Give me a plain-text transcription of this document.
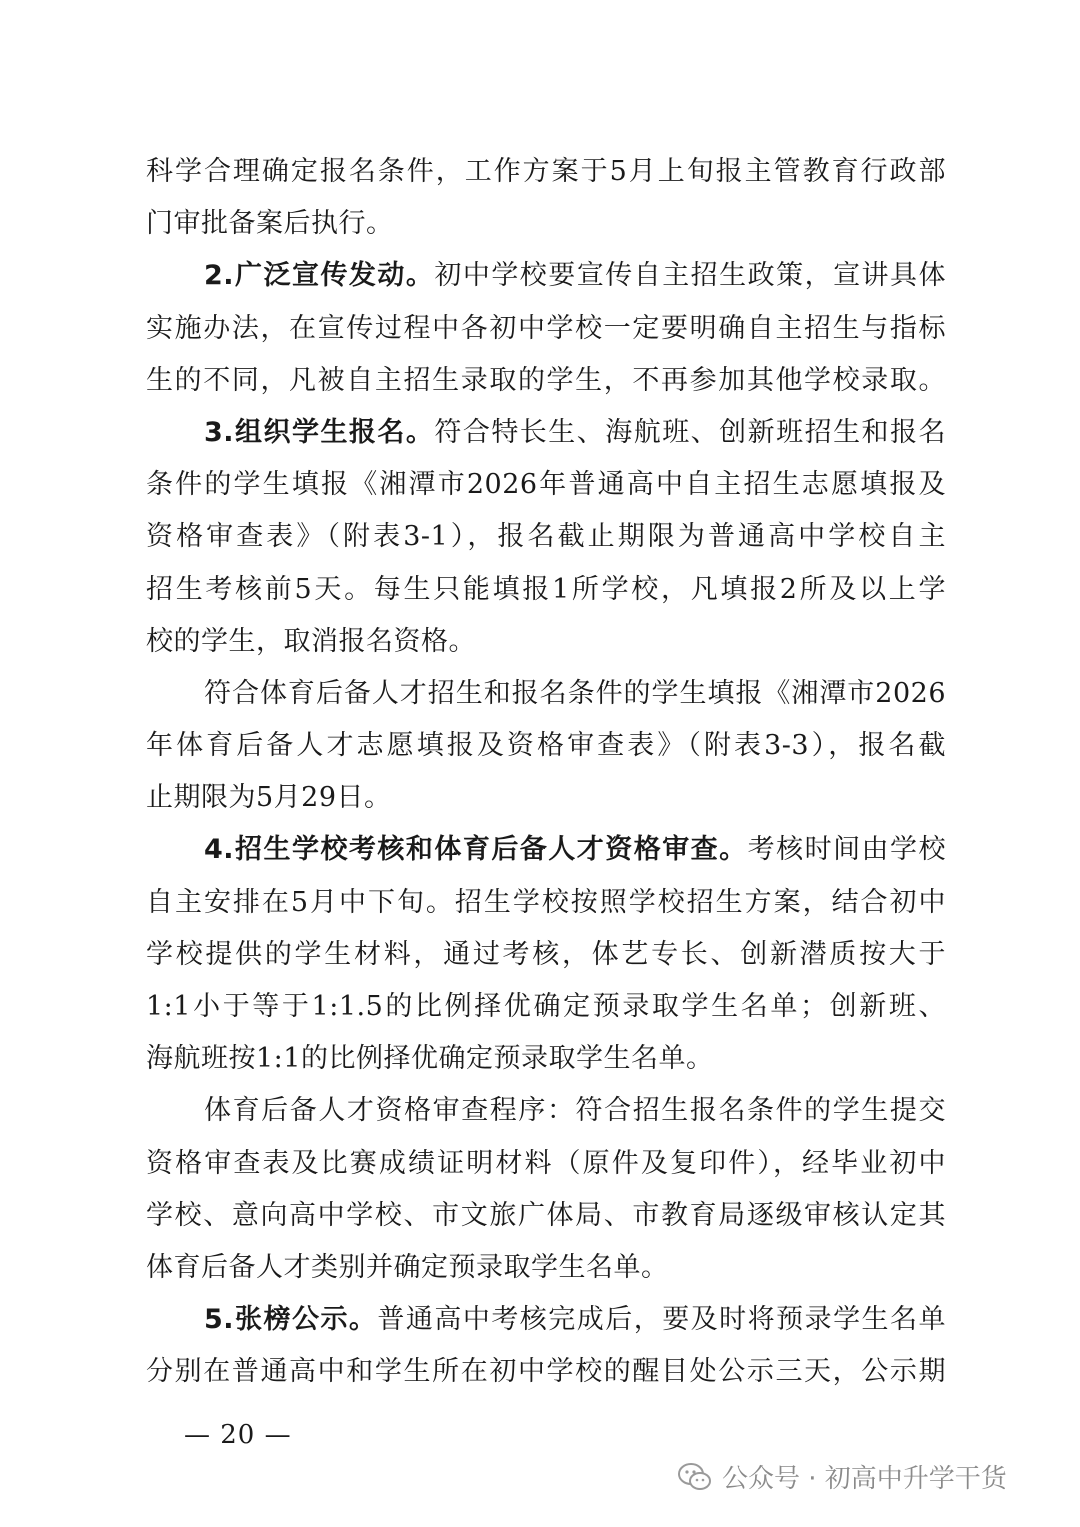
科学合理确定报名条件，工作方案于5月上旬报主管教育行政部
门审批备案后执行。
2.广泛宣传发动。初中学校要宣传自主招生政策，宣讲具体
实施办法，在宣传过程中各初中学校一定要明确自主招生与指标
生的不同，凡被自主招生录取的学生，不再参加其他学校录取。
3.组织学生报名。符合特长生、海航班、创新班招生和报名
条件的学生填报《湘潭市2026年普通高中自主招生志愿填报及
资格审查表》（附表3-1），报名截止期限为普通高中学校自主
招生考核前5天。每生只能填报1所学校，凡填报2所及以上学
校的学生，取消报名资格。
符合体育后备人才招生和报名条件的学生填报《湘潭市2026
年体育后备人才志愿填报及资格审查表》（附表3-3），报名截
止期限为5月29日。
4.招生学校考核和体育后备人才资格审查。考核时间由学校
自主安排在5月中下旬。招生学校按照学校招生方案，结合初中
学校提供的学生材料，通过考核，体艺专长、创新潜质按大于
1:1小于等于1:1.5的比例择优确定预录取学生名单；创新班、
海航班按1:1的比例择优确定预录取学生名单。
体育后备人才资格审查程序：符合招生报名条件的学生提交
资格审查表及比赛成绩证明材料（原件及复印件），经毕业初中
学校、意向高中学校、市文旅广体局、市教育局逐级审核认定其
体育后备人才类别并确定预录取学生名单。
5.张榜公示。普通高中考核完成后，要及时将预录学生名单
分别在普通高中和学生所在初中学校的醒目处公示三天，公示期
— 20 —
公众号 · 初高中升学干货
